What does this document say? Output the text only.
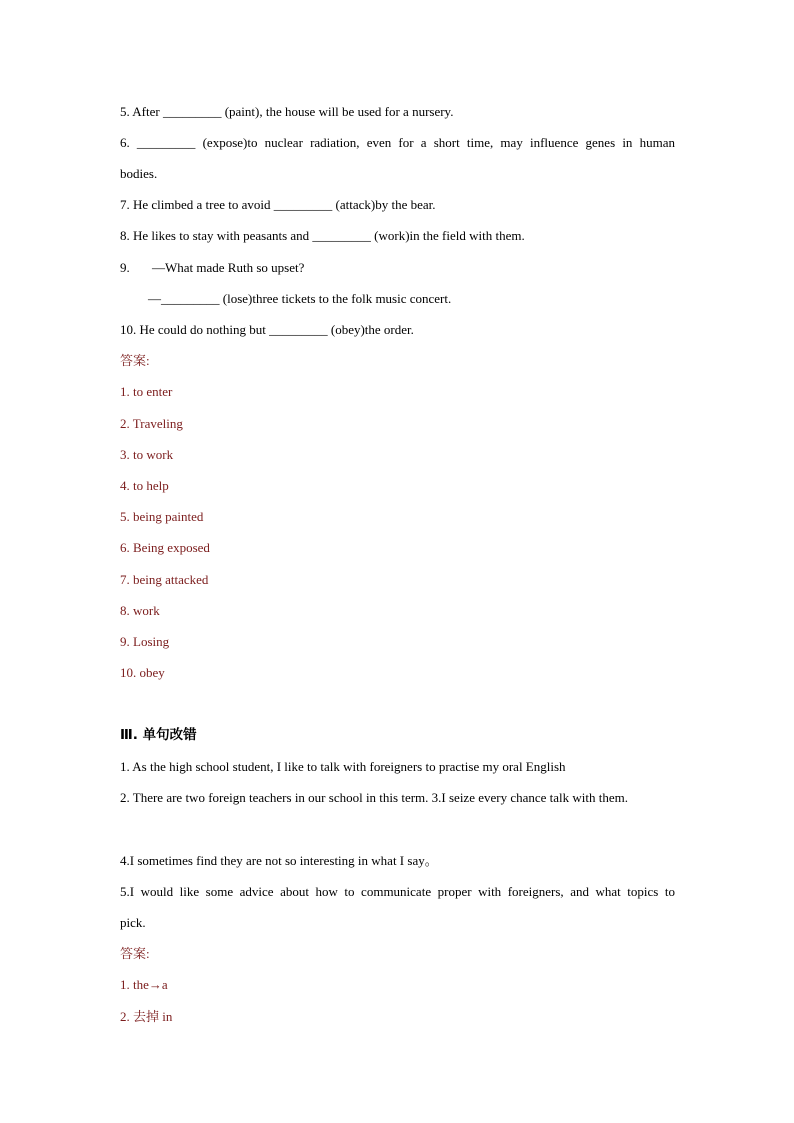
5. After _________ (paint), the house will be used for a nursery.
6. _________ (expose)to nuclear radiation, even for a short time, may influence genes in human
bodies.
7. He climbed a tree to avoid _________ (attack)by the bear.
8. He likes to stay with peasants and _________ (work)in the field with them.
9.	—What made Ruth so upset?
—_________ (lose)three tickets to the folk music concert.
10. He could do nothing but _________ (obey)the order.
答案:
1. to enter
2. Traveling
3. to work
4. to help
5. being painted
6. Being exposed
7. being attacked
8. work
9. Losing
10. obey
Ⅲ. 单句改错
1. As the high school student, I like to talk with foreigners to practise my oral English
2. There are two foreign teachers in our school in this term. 3.I seize every chance talk with them.
4.I sometimes find they are not so interesting in what I say。
5.I would like some advice about how to communicate proper with foreigners, and what topics to
pick.
答案:
1. the→a
2. 去掉 in
